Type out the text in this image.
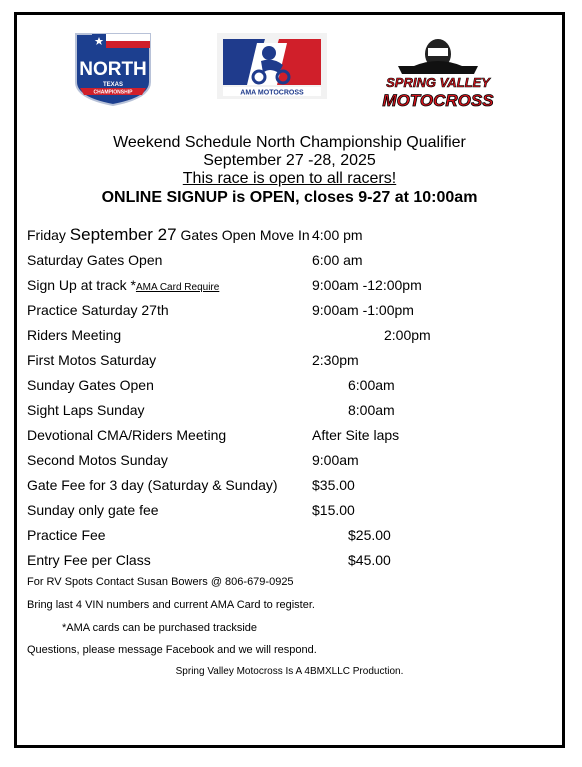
NORTH
TEXAS
CHAMPIONSHIP	AMA MOTOCROSS
SPRING VALLEY
MOTOCROSS
Weekend Schedule North Championship Qualifier
September 27 -28, 2025
This race is open to all racers!
ONLINE SIGNUP is OPEN, closes 9-27 at 10:00am
Friday September 27 Gates Open Move In 4:00 pm
Saturday Gates Open	6:00 am
Sign Up at track *AMA Card Require	9:00am -12:00pm
Practice Saturday 27th	9:00am -1:00pm
Riders Meeting	2:00pm
First Motos Saturday	2:30pm
Sunday Gates Open	6:00am
Sight Laps Sunday	8:00am
Devotional CMA/Riders Meeting	After Site laps
Second Motos Sunday	9:00am
Gate Fee for 3 day (Saturday & Sunday) $35.00
Sunday only gate fee	$15.00
Practice Fee	$25.00
Entry Fee per Class	$45.00
For RV Spots Contact Susan Bowers @ 806-679-0925
Bring last 4 VIN numbers and current AMA Card to register.
*AMA cards can be purchased trackside
Questions, please message Facebook and we will respond.
Spring Valley Motocross Is A 4BMXLLC Production.
